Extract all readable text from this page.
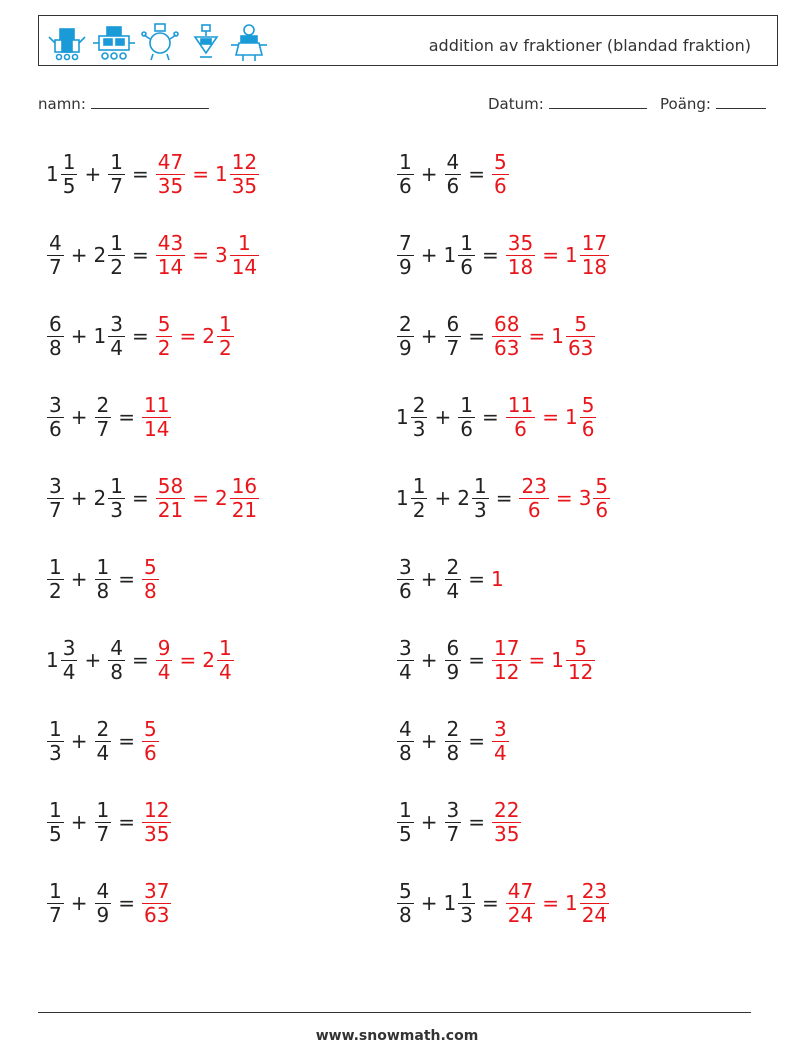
addition av fraktioner (blandad fraktion)
namn:	Datum:	Poäng:
$1 \frac{1}{5} + \frac{1}{7} = \frac{47}{35} = 1 \frac{12}{35}$	$\frac{1}{6} + \frac{4}{6} = \frac{5}{6}$
$\frac{4}{7} + 2 \frac{1}{2} = \frac{43}{14} = 3 \frac{1}{14}$	$\frac{7}{9} + 1 \frac{1}{6} = \frac{35}{18} = 1 \frac{17}{18}$
$\frac{6}{8} + 1 \frac{3}{4} = \frac{5}{2} = 2 \frac{1}{2}$	$\frac{2}{9} + \frac{6}{7} = \frac{68}{63} = 1 \frac{5}{63}$
$\frac{3}{6} + \frac{2}{7} = \frac{11}{14}$	$1 \frac{2}{3} + \frac{1}{6} = \frac{11}{6} = 1 \frac{5}{6}$
$\frac{3}{7} + 2 \frac{1}{3} = \frac{58}{21} = 2 \frac{16}{21}$	$1 \frac{1}{2} + 2 \frac{1}{3} = \frac{23}{6} = 3 \frac{5}{6}$
$\frac{1}{2} + \frac{1}{8} = \frac{5}{8}$	$\frac{3}{6} + \frac{2}{4} = 1$
$1 \frac{3}{4} + \frac{4}{8} = \frac{9}{4} = 2 \frac{1}{4}$	$\frac{3}{4} + \frac{6}{9} = \frac{17}{12} = 1 \frac{5}{12}$
$\frac{1}{3} + \frac{2}{4} = \frac{5}{6}$	$\frac{4}{8} + \frac{2}{8} = \frac{3}{4}$
$\frac{1}{5} + \frac{1}{7} = \frac{12}{35}$	$\frac{1}{5} + \frac{3}{7} = \frac{22}{35}$
$\frac{1}{7} + \frac{4}{9} = \frac{37}{63}$	$\frac{5}{8} + 1 \frac{1}{3} = \frac{47}{24} = 1 \frac{23}{24}$
www.snowmath.com
